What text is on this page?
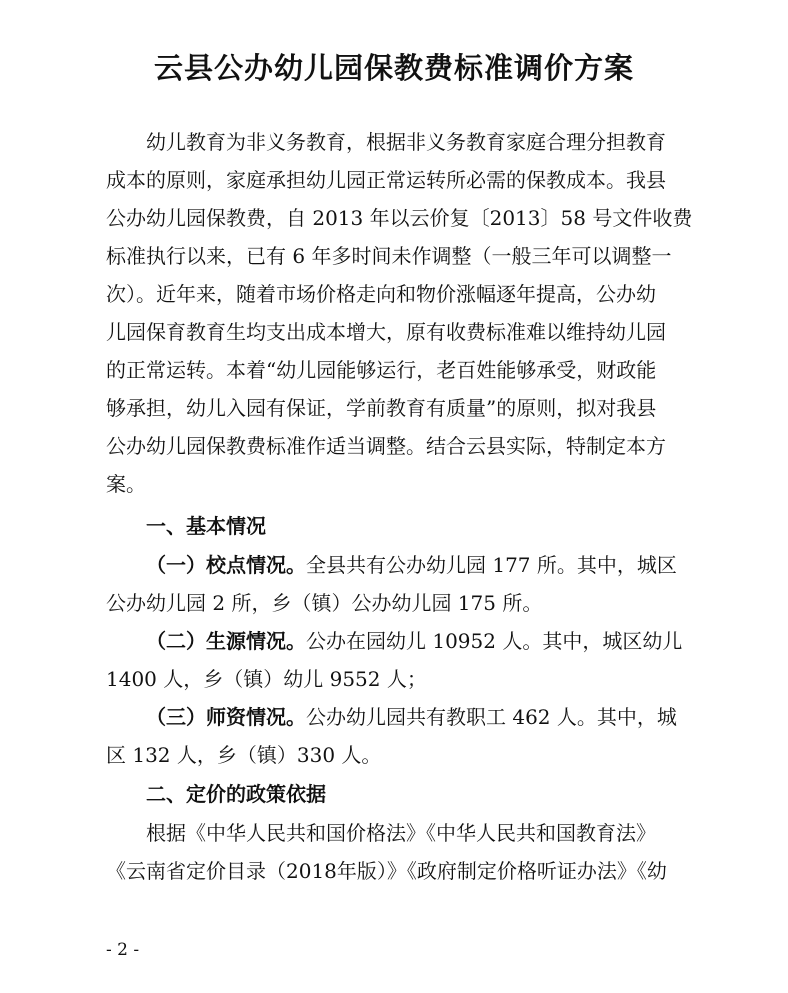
云县公办幼儿园保教费标准调价方案

幼儿教育为非义务教育，根据非义务教育家庭合理分担教育

成本的原则，家庭承担幼儿园正常运转所必需的保教成本。我县

公办幼儿园保教费，自 2013 年以云价复〔2013〕58 号文件收费

标准执行以来，已有 6 年多时间未作调整（一般三年可以调整一

次）。近年来，随着市场价格走向和物价涨幅逐年提高，公办幼

儿园保育教育生均支出成本增大，原有收费标准难以维持幼儿园

的正常运转。本着“幼儿园能够运行，老百姓能够承受，财政能

够承担，幼儿入园有保证，学前教育有质量”的原则，拟对我县

公办幼儿园保教费标准作适当调整。结合云县实际，特制定本方

案。

一、基本情况

（一）校点情况。全县共有公办幼儿园 177 所。其中，城区

公办幼儿园 2 所，乡（镇）公办幼儿园 175 所。

（二）生源情况。公办在园幼儿 10952 人。其中，城区幼儿

1400 人，乡（镇）幼儿 9552 人；

（三）师资情况。公办幼儿园共有教职工 462 人。其中，城

区 132 人，乡（镇）330 人。

二、定价的政策依据

根据《中华人民共和国价格法》《中华人民共和国教育法》

《云南省定价目录（2018年版）》《政府制定价格听证办法》《幼

- 2 -
